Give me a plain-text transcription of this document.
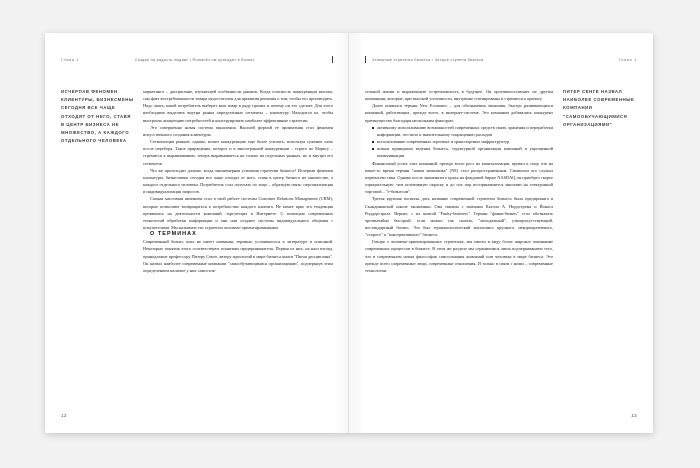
Глава 1	Создан на радость людям! • Romantic'ом приходит в бизнес
ИСЧЕРПАВ ФЕНОМЕН КЛИЕНТУРЫ, БИЗНЕСМЕНЫ СЕГОДНЯ ВСЕ ЧАЩЕ ОТХОДЯТ ОТ НЕГО, СТАВЯ В ЦЕНТР БИЗНЕСА НЕ МНОЖЕСТВО, А КАЖДОГО ОТДЕЛЬНОГО ЧЕЛОВЕКА

маркетинга – дисциплине, изучающей особенности рынков. Когда плотность конкуренции высока, сам факт востребованности товара недостаточен для принятия решения о том, чтобы его производить. Надо знать, какой потребитель выберет ваш товар в ряду прочих и почему он это сделает. Для этого необходимо выделить внутри рынка определенные сегменты – клиентуру. Находится из, чтобы выстроить концепцию потребностей и конструировать наиболее эффективные стратегии.

Это совершенно новая система мышления. Высшей формой ее проявления стал феномен искусственного создания клиентуры.

Сегментация рынков, однако, может конкуренцию еще более усилить, используя сужение само после перебора. Такое приращение, которое и в многогранной конкуренции – строго по Марксу – стремится к выравниванию, теперь выравнивается не только на отдельных рынках, но и внутри его сегментов.

Что же происходит дальше, когда закономерная усиления стратегии бизнеса? Исчерпав феномен клиентуры, бизнесмены сегодня все чаще отходят от него, ставя в центр бизнеса не множество, а каждого отдельного человека. Потребитель стал получать по лицо – обратную связь: персонализация и индивидуализация запросов.

Самым массовым явлением стал в свой работе системы Customer Relations Management (CRM), которые позволяют возвращаться к потребностям каждого клиента. Не менее ярко эта тенденция проявилась на деятельности компаний, торгующих в Интернете. С помощью современных технологий обработки информации и они они создают системы индивидуального общения с покупателями. Мы называем эти стратегии человеко-ориентированными.

О ТЕРМИНАХ

Современный бизнес пока не имеет названия, термина, устоявшегося в литературе и описаний. Некоторые понятия этого соответствуют понятиям предпринимателя. Первая из них, на наш взгляд, принадлежит профессору Питеру Сенге, автору идеологий в мире бизнеса книги "Пятая дисциплина". Он назвал наиболее современные компании "самообучающимися организациями", подчеркнув этим определением наличие у них самостоя-

12
Успешные стратегии бизнеса • Четыре ступени бизнеса	Глава 1

тельной жизни и выраженную устремленность в будущее. Он противопоставляет их другим компаниям, которые, при высокой успешности, внутренне стагнированы и стремятся к кризису.

Далее появился термин New Economic – для обозначения экономик, быстро развивающихся компаний, работающих, прежде всего, в интернет-системе. Это компании добавались конкурент преимущества благодаря нескольким факторам:

активному использованию возможностей современных средств связи, хранения и переработки информации, что вело к значительному сокращению расходов
использованию современных торговых и транспортных инфраструктур
новым принципам ведения бизнеса, структурной организации компаний и упрощенной коммуникации

Финансовый успех этих компаний, прежде всего рост их капитализации, привел к тому, что на какое-то время термин "новая экономика" (NE) стал распространенным. Символом его служил первенство тика. Однако после знаменитого краха на фондовой бирже NASDAQ он приобрел скорее отрицательную, чем позитивную окраску и до сих пор воспринимается многими на электронной торговой – "e-бизнесом".

Третья крупная попытка дать название современной стратегии бизнеса была предпринята в Скандинавской школе экономики. Она связана с именами Кьелла А. Нордстрема и Йонаса Риддерстрале. Вернее, с их книгой "Funky-business". Термин "фанки-бизнес" стал обозначать чрезвычайно быстрый, если можно так сказать, "молодежный", узкоприсутствующий, нестандартный бизнес. Это был терминологический антагонист крупного, некорпоративного, "старого" и "консервативного" бизнеса.

Говоря о человеко-ориентированных стратегиях, мы имели в виду более широкое понимание современных процессов в бизнесе. В этом же разделе мы ограничимся лишь подчеркиванием того, что в современном новая философия самосознания компаний или человека в мире бизнеса. Это прежде всего современные люди, современные отношения. И только в связи с ними – современные технологии.

ПИТЕР СЕНГЕ НАЗВАЛ НАИБОЛЕЕ СОВРЕМЕННЫЕ КОМПАНИИ "САМООБУЧАЮЩИМИСЯ ОРГАНИЗАЦИЯМИ"
13
